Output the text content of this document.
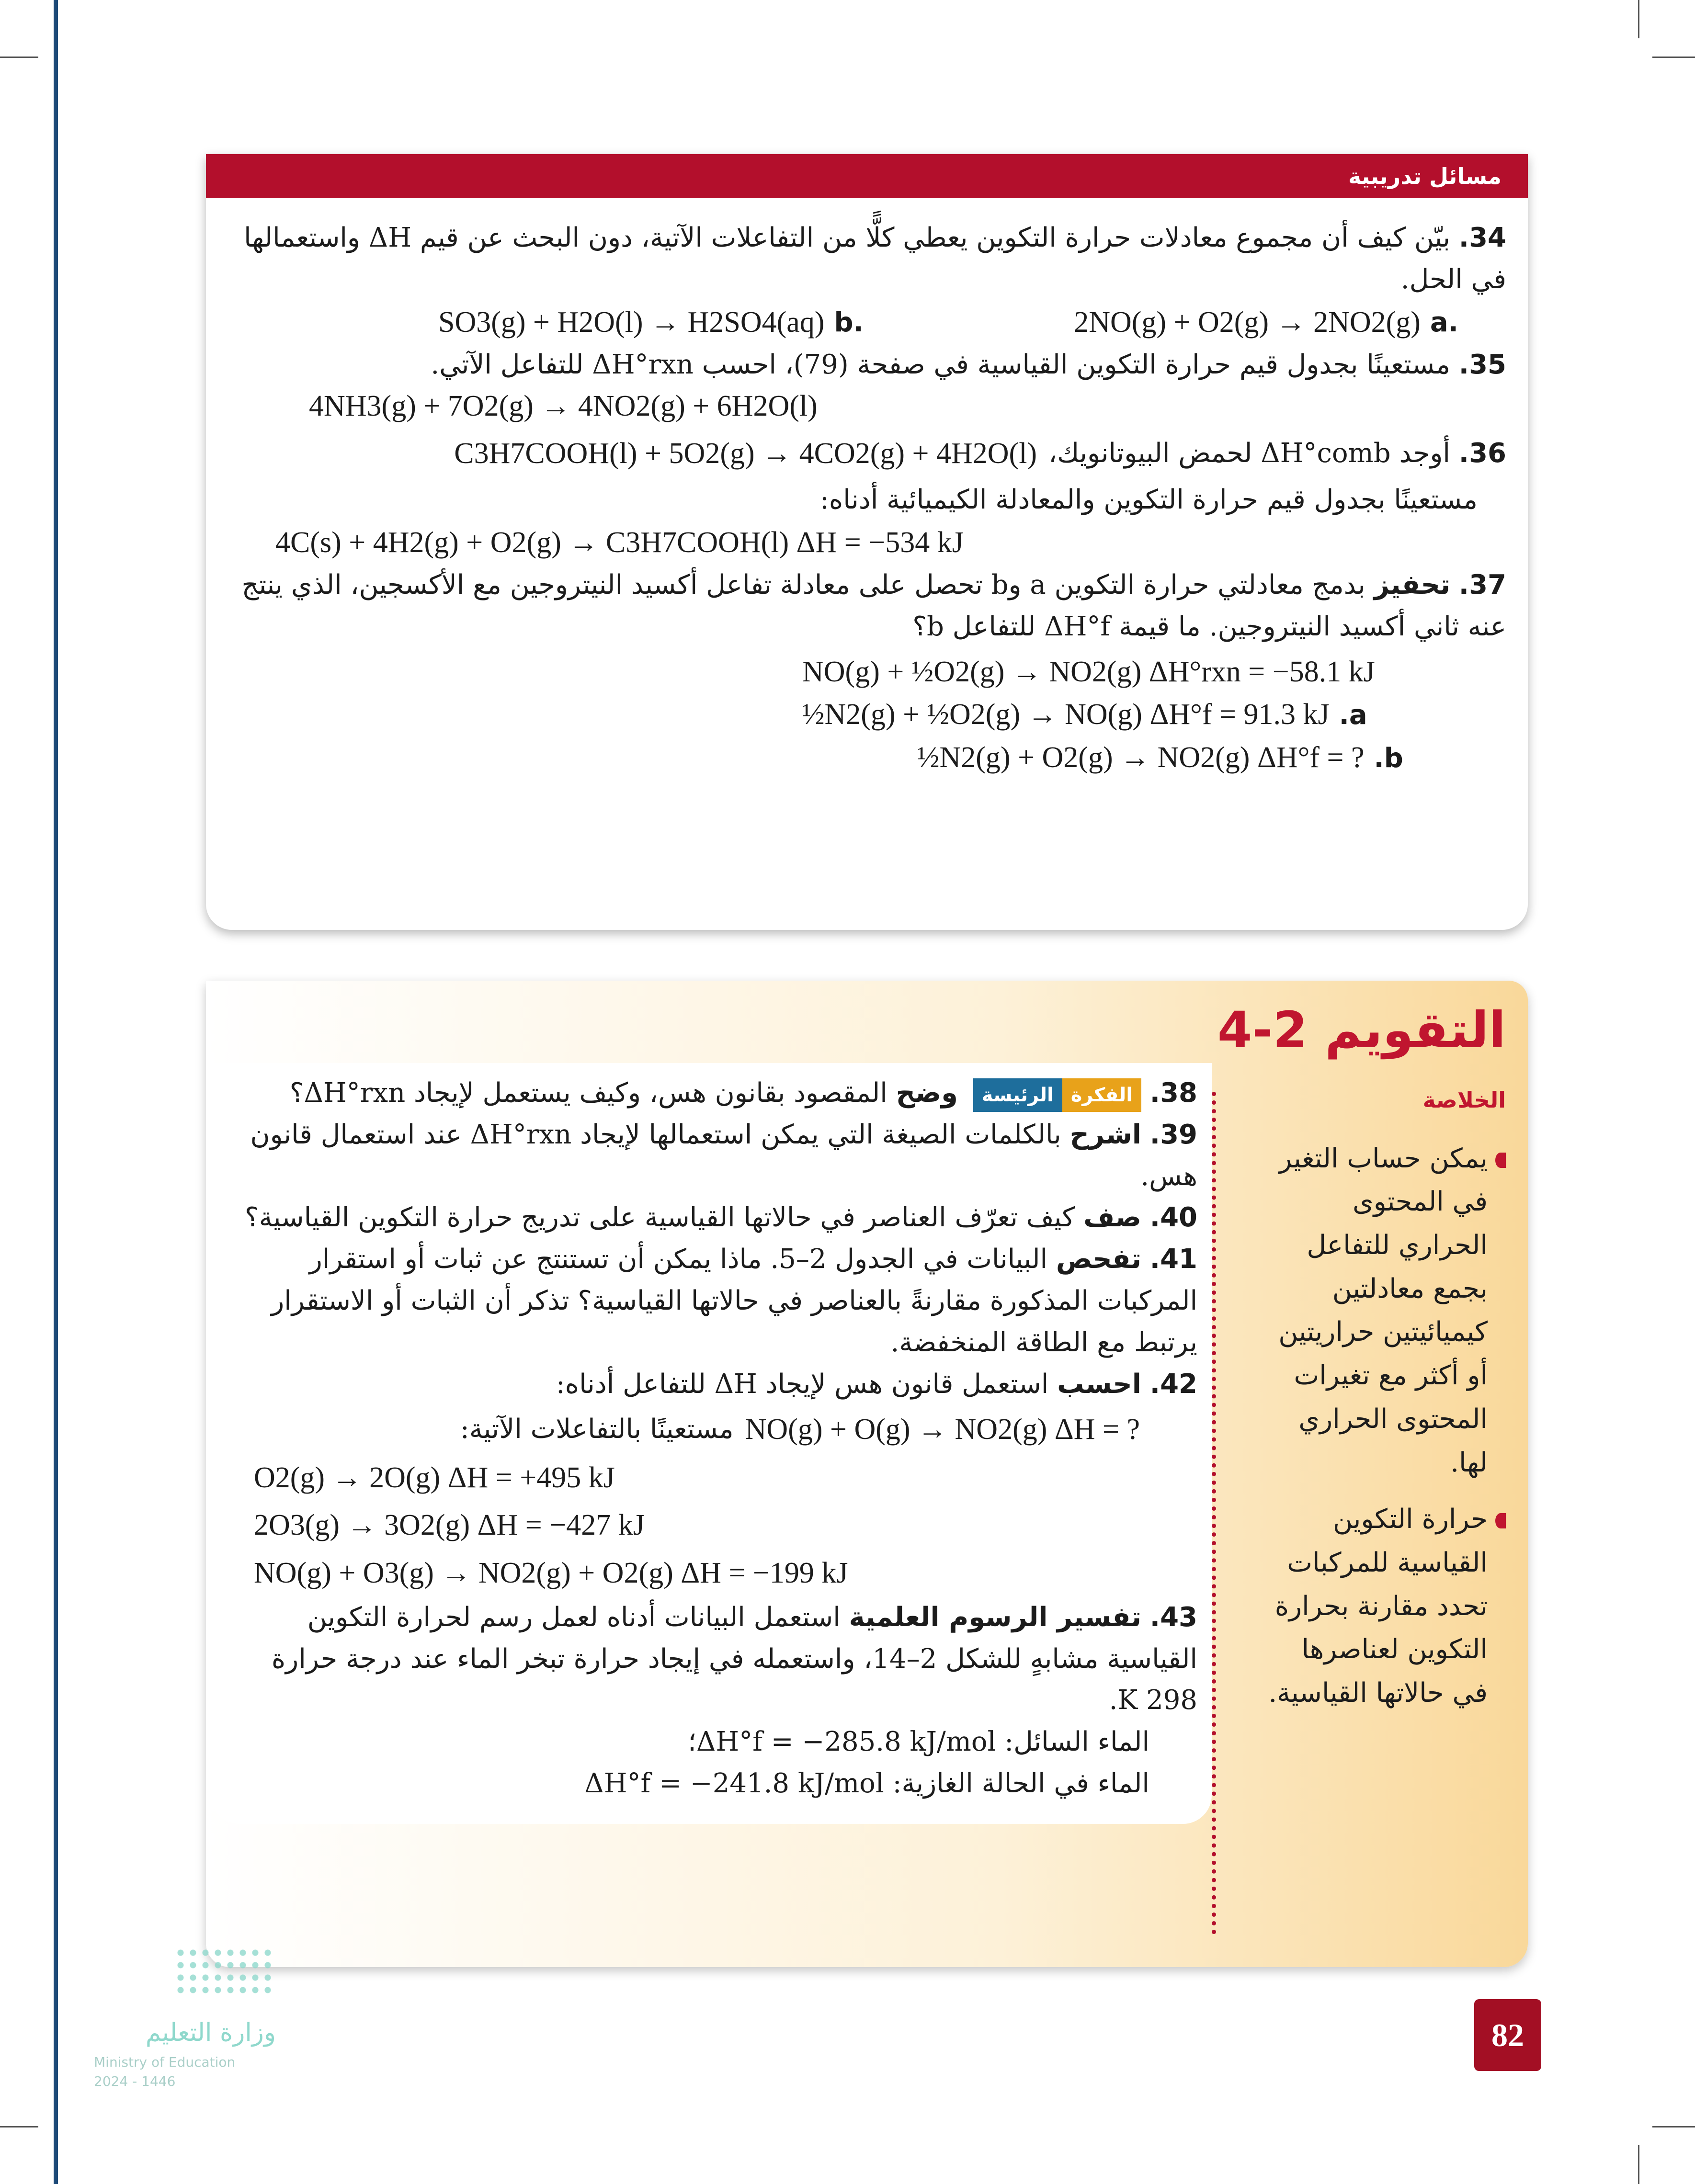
مسائل تدريبية

34. بيّن كيف أن مجموع معادلات حرارة التكوين يعطي كلًّا من التفاعلات الآتية، دون البحث عن قيم ΔH واستعمالها في الحل.

.a
2NO(g) + O2(g) → 2NO2(g)
.b
SO3(g) + H2O(l) → H2SO4(aq)

35. مستعينًا بجدول قيم حرارة التكوين القياسية في صفحة (79)، احسب ΔH°rxn للتفاعل الآتي.

4NH3(g) + 7O2(g) → 4NO2(g) + 6H2O(l)
36. أوجد ΔH°comb لحمض البيوتانويك،
C3H7COOH(l) + 5O2(g) → 4CO2(g) + 4H2O(l)

مستعينًا بجدول قيم حرارة التكوين والمعادلة الكيميائية أدناه:

4C(s) + 4H2(g) + O2(g) → C3H7COOH(l) ΔH = −534 kJ

37. تحفيز بدمج معادلتي حرارة التكوين a وb تحصل على معادلة تفاعل أكسيد النيتروجين مع الأكسجين، الذي ينتج عنه ثاني أكسيد النيتروجين. ما قيمة ΔH°f للتفاعل b؟

NO(g) + ½O2(g) → NO2(g) ΔH°rxn = −58.1 kJ
½N2(g) + ½O2(g) → NO(g) ΔH°f = 91.3 kJ .a
½N2(g) + O2(g) → NO2(g) ΔH°f = ? .b
التقويم 2-4
الخلاصة
يمكن حساب التغير في المحتوى الحراري للتفاعل بجمع معادلتين كيميائيتين حراريتين أو أكثر مع تغيرات المحتوى الحراري لها.
حرارة التكوين القياسية للمركبات تحدد مقارنة بحرارة التكوين لعناصرها في حالاتها القياسية.

38.
الفكرة
الرئيسة
وضح المقصود بقانون هس، وكيف يستعمل لإيجاد ΔH°rxn؟

39. اشرح بالكلمات الصيغة التي يمكن استعمالها لإيجاد ΔH°rxn عند استعمال قانون هس.

40. صف كيف تعرّف العناصر في حالاتها القياسية على تدريج حرارة التكوين القياسية؟

41. تفحص البيانات في الجدول 2–5. ماذا يمكن أن تستنتج عن ثبات أو استقرار المركبات المذكورة مقارنةً بالعناصر في حالاتها القياسية؟ تذكر أن الثبات أو الاستقرار يرتبط مع الطاقة المنخفضة.

42. احسب استعمل قانون هس لإيجاد ΔH للتفاعل أدناه:

NO(g) + O(g) → NO2(g) ΔH = ?
مستعينًا بالتفاعلات الآتية:
O2(g) → 2O(g) ΔH = +495 kJ
2O3(g) → 3O2(g) ΔH = −427 kJ
NO(g) + O3(g) → NO2(g) + O2(g) ΔH = −199 kJ

43. تفسير الرسوم العلمية استعمل البيانات أدناه لعمل رسم لحرارة التكوين القياسية مشابهٍ للشكل 2–14، واستعمله في إيجاد حرارة تبخر الماء عند درجة حرارة 298 K.

الماء السائل: ΔH°f = −285.8 kJ/mol؛

الماء في الحالة الغازية: ΔH°f = −241.8 kJ/mol

وزارة التعليم
Ministry of Education
2024 - 1446
82
